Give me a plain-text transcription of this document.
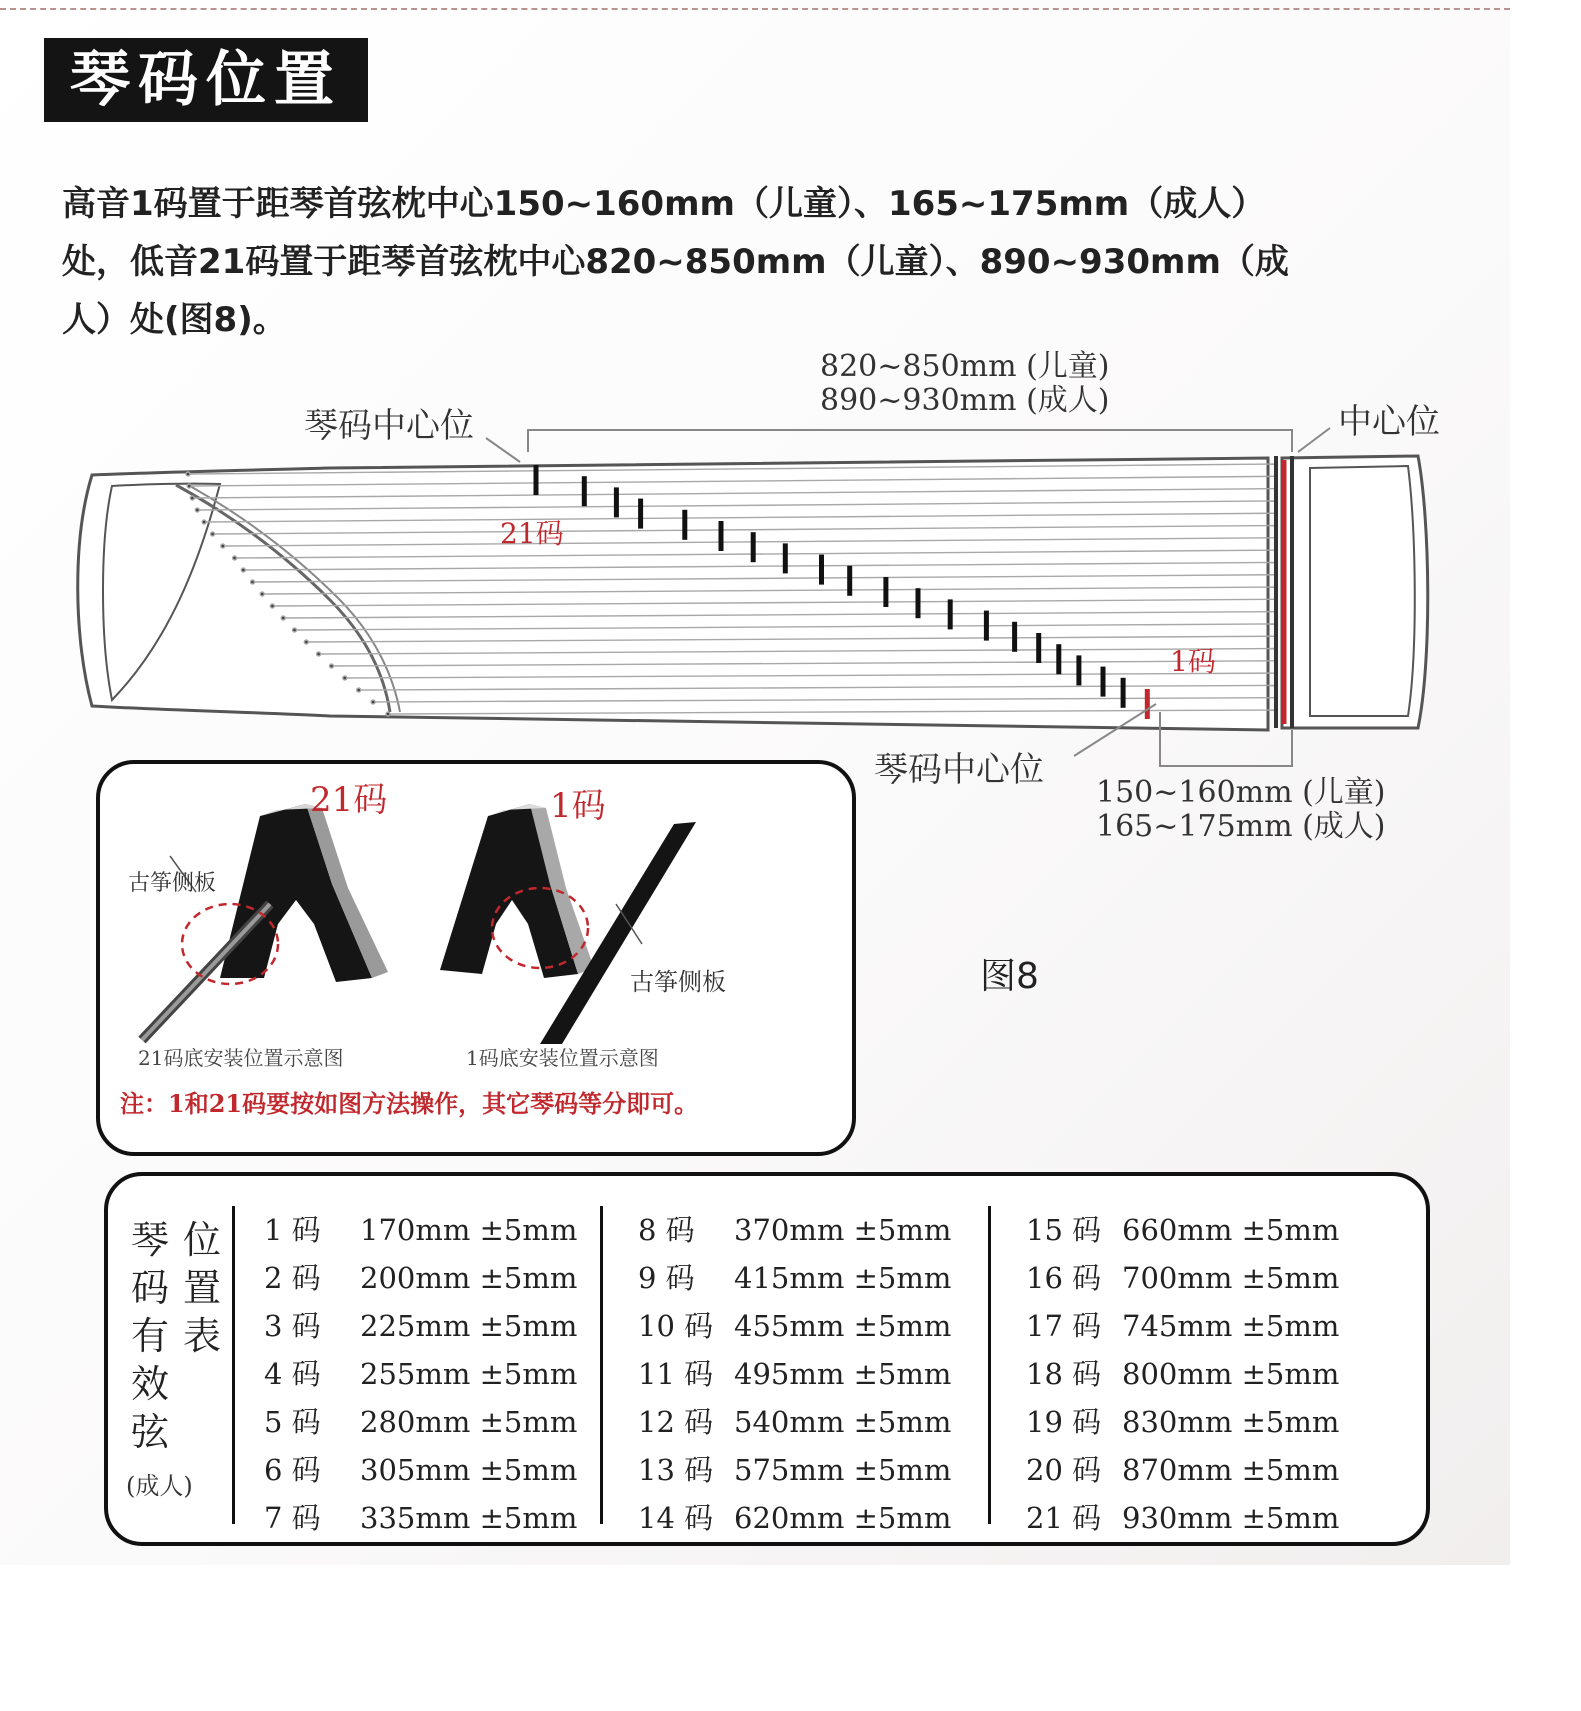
琴码位置
高音1码置于距琴首弦枕中心150~160mm（儿童）、165~175mm（成人）
处，低音21码置于距琴首弦枕中心820~850mm（儿童）、890~930mm（成
人）处(图8)。
820~850mm (儿童)
890~930mm (成人)
琴码中心位	中心位
21码
1码
琴码中心位
150~160mm (儿童)
165~175mm (成人)
21码	1码
古筝侧板
古筝侧板
21码底安装位置示意图	1码底安装位置示意图
注：1和21码要按如图方法操作，其它琴码等分即可。
图8
琴
码
有
效
弦
位
置
表
(成人)
1 码 170mm ±5mm
2 码 200mm ±5mm
3 码 225mm ±5mm
4 码 255mm ±5mm
5 码 280mm ±5mm
6 码 305mm ±5mm
7 码 335mm ±5mm
8 码 370mm ±5mm
9 码 415mm ±5mm
10 码 455mm ±5mm
11 码 495mm ±5mm
12 码 540mm ±5mm
13 码 575mm ±5mm
14 码 620mm ±5mm
15 码 660mm ±5mm
16 码 700mm ±5mm
17 码 745mm ±5mm
18 码 800mm ±5mm
19 码 830mm ±5mm
20 码 870mm ±5mm
21 码 930mm ±5mm
